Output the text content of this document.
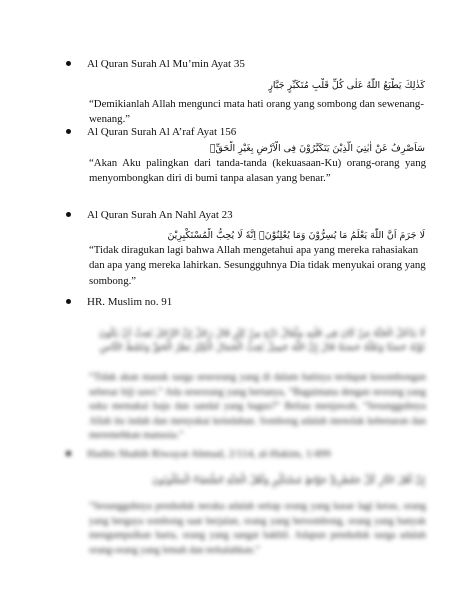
Al Quran Surah Al Mu’min Ayat 35
كَذٰلِكَ يَطْبَعُ اللّٰهُ عَلٰى كُلِّ قَلْبِ مُتَكَبِّرٍ جَبَّارٍ
“Demikianlah Allah mengunci mata hati orang yang sombong dan sewenang-wenang.”
Al Quran Surah Al A’raf Ayat 156
سَاَصْرِفُ عَنْ اٰيٰتِيَ الَّذِيْنَ يَتَكَبَّرُوْنَ فِى الْاَرْضِ بِغَيْرِ الْحَقِّۗ
“Akan Aku palingkan dari tanda-tanda (kekuasaan-Ku) orang-orang yang menyombongkan diri di bumi tanpa alasan yang benar.”
Al Quran Surah An Nahl Ayat 23
لَا جَرَمَ اَنَّ اللّٰهَ يَعْلَمُ مَا يُسِرُّوْنَ وَمَا يُعْلِنُوْنَۗ اِنَّهٗ لَا يُحِبُّ الْمُسْتَكْبِرِيْنَ
“Tidak diragukan lagi bahwa Allah mengetahui apa yang mereka rahasiakan dan apa yang mereka lahirkan. Sesungguhnya Dia tidak menyukai orang yang sombong.”
HR. Muslim no. 91
لَا يَدْخُلُ الْجَنَّةَ مَنْ كَانَ فِي قَلْبِهِ مِثْقَالُ ذَرَّةٍ مِنْ كِبْرٍ قَالَ رَجُلٌ إِنَّ الرَّجُلَ يُحِبُّ أَنْ يَكُونَ ثَوْبُهُ حَسَنًا وَنَعْلُهُ حَسَنَةً قَالَ إِنَّ اللَّهَ جَمِيلٌ يُحِبُّ الْجَمَالَ الْكِبْرُ بَطَرُ الْحَقِّ وَغَمْطُ النَّاسِ
“Tidak akan masuk surga seseorang yang di dalam hatinya terdapat kesombongan sebesar biji sawi.” Ada seseorang yang bertanya, “Bagaimana dengan seorang yang suka memakai baju dan sandal yang bagus?” Beliau menjawab, “Sesungguhnya Allah itu indah dan menyukai keindahan. Sombong adalah menolak kebenaran dan meremehkan manusia.”
Hadits Shahih Riwayat Ahmad, 2/114, al-Hakim, 1/499
إِنَّ أَهْلَ النَّارِ كُلُّ جَعْظَرِيٍّ جَوَّاظٍ مُسْتَكْبِرٍ وَأَهْلُ الْجَنَّةِ الضُّعَفَاءُ الْمَغْلُوبُونَ
“Sesungguhnya penduduk neraka adalah setiap orang yang kasar lagi keras, orang yang bergaya sombong saat berjalan, orang yang bersombong, orang yang banyak mengumpulkan harta, orang yang sangat bakhil. Adapun penduduk surga adalah orang-orang yang lemah dan terkalahkan.”
